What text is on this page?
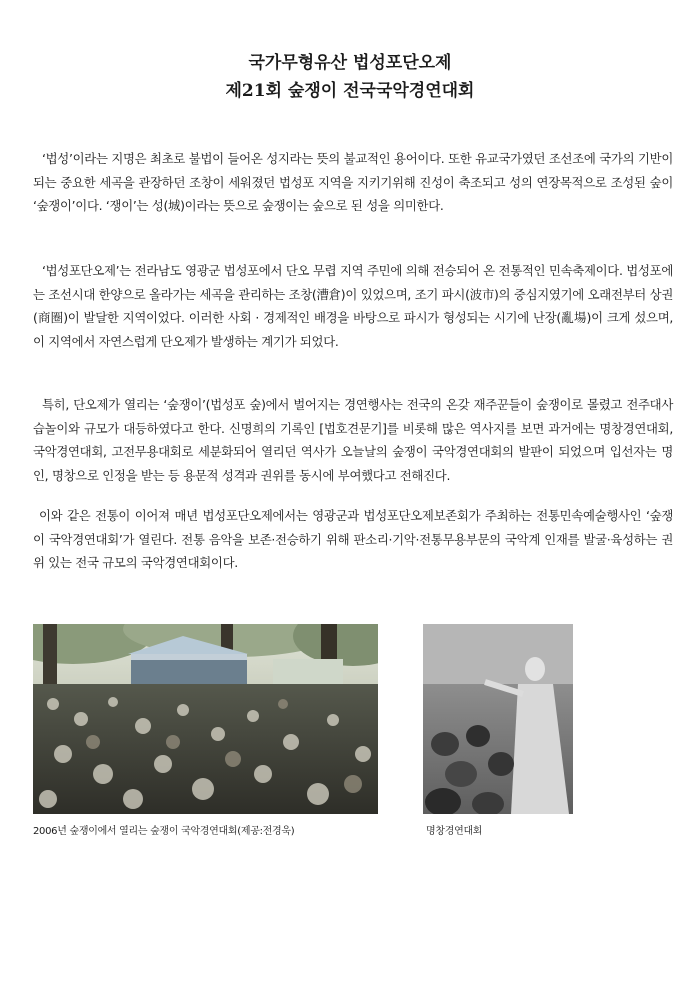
국가무형유산 법성포단오제
제21회 숲쟁이 전국국악경연대회

‘법성’이라는 지명은 최초로 불법이 들어온 성지라는 뜻의 불교적인 용어이다. 또한 유교국가였던 조선조에 국가의 기반이 되는 중요한 세곡을 관장하던 조창이 세워졌던 법성포 지역을 지키기위해 진성이 축조되고 성의 연장목적으로 조성된 숲이 ‘숲쟁이’이다. ‘쟁이’는 성(城)이라는 뜻으로 숲쟁이는 숲으로 된 성을 의미한다.

‘법성포단오제’는 전라남도 영광군 법성포에서 단오 무렵 지역 주민에 의해 전승되어 온 전통적인 민속축제이다. 법성포에는 조선시대 한양으로 올라가는 세곡을 관리하는 조창(漕倉)이 있었으며, 조기 파시(波市)의 중심지였기에 오래전부터 상권(商圈)이 발달한 지역이었다. 이러한 사회 · 경제적인 배경을 바탕으로 파시가 형성되는 시기에 난장(亂場)이 크게 섰으며, 이 지역에서 자연스럽게 단오제가 발생하는 계기가 되었다.

특히, 단오제가 열리는 ‘숲쟁이’(법성포 숲)에서 벌어지는 경연행사는 전국의 온갖 재주꾼들이 숲쟁이로 몰렸고 전주대사습놀이와 규모가 대등하였다고 한다. 신명희의 기록인 [법호견문기]를 비롯해 많은 역사지를 보면 과거에는 명창경연대회, 국악경연대회, 고전무용대회로 세분화되어 열리던 역사가 오늘날의 숲쟁이 국악경연대회의 발판이 되었으며 입선자는 명인, 명창으로 인정을 받는 등 용문적 성격과 권위를 동시에 부여했다고 전해진다.

이와 같은 전통이 이어져 매년 법성포단오제에서는 영광군과 법성포단오제보존회가 주최하는 전통민속예술행사인 ‘숲쟁이 국악경연대회’가 열린다. 전통 음악을 보존·전승하기 위해 판소리·기악·전통무용부문의 국악계 인재를 발굴·육성하는 권위 있는 전국 규모의 국악경연대회이다.

2006년 숲쟁이에서 열리는 숲쟁이 국악경연대회(제공:전경욱)	명창경연대회
